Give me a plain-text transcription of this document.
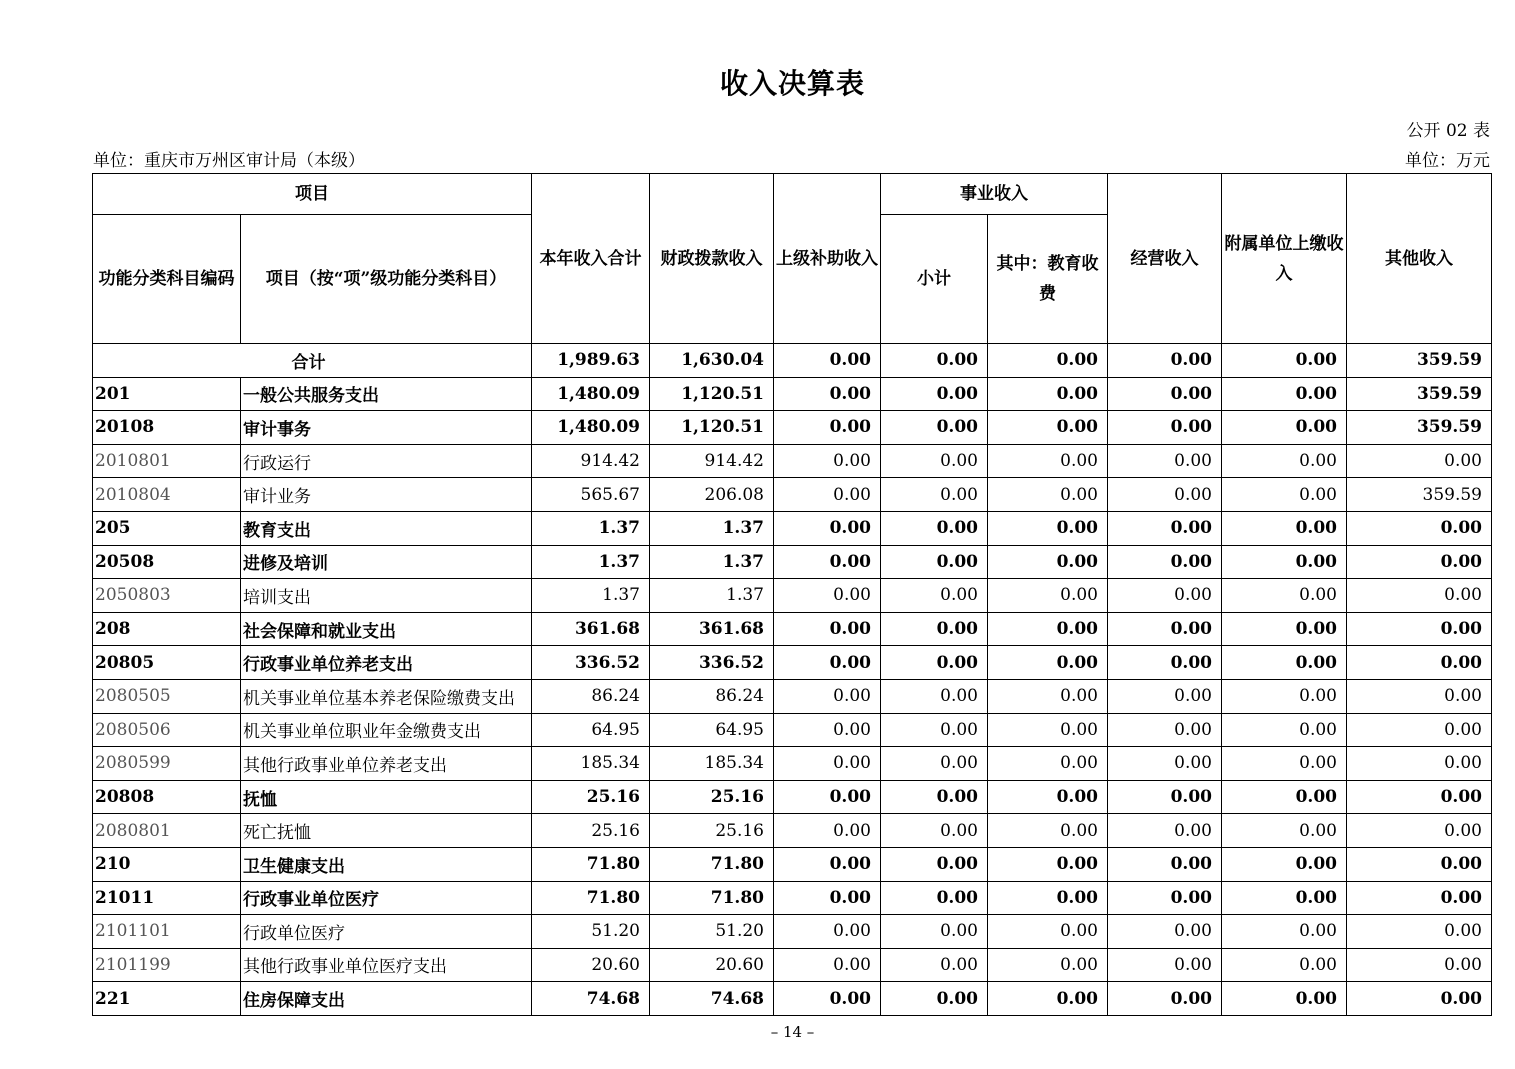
收入决算表
公开 02 表
单位：重庆市万州区审计局（本级）	单位：万元
项目		本年收入合计	财政拨款收入	上级补助收入	事业收入		经营收入	附属单位上缴收入	其他收入
功能分类科目编码	项目（按“项”级功能分类科目）				小计	其中：教育收费			
合计		1,989.63	1,630.04	0.00	0.00	0.00	0.00	0.00	359.59
201	一般公共服务支出	1,480.09	1,120.51	0.00	0.00	0.00	0.00	0.00	359.59
20108	审计事务	1,480.09	1,120.51	0.00	0.00	0.00	0.00	0.00	359.59
2010801	行政运行	914.42	914.42	0.00	0.00	0.00	0.00	0.00	0.00
2010804	审计业务	565.67	206.08	0.00	0.00	0.00	0.00	0.00	359.59
205	教育支出	1.37	1.37	0.00	0.00	0.00	0.00	0.00	0.00
20508	进修及培训	1.37	1.37	0.00	0.00	0.00	0.00	0.00	0.00
2050803	培训支出	1.37	1.37	0.00	0.00	0.00	0.00	0.00	0.00
208	社会保障和就业支出	361.68	361.68	0.00	0.00	0.00	0.00	0.00	0.00
20805	行政事业单位养老支出	336.52	336.52	0.00	0.00	0.00	0.00	0.00	0.00
2080505	机关事业单位基本养老保险缴费支出	86.24	86.24	0.00	0.00	0.00	0.00	0.00	0.00
2080506	机关事业单位职业年金缴费支出	64.95	64.95	0.00	0.00	0.00	0.00	0.00	0.00
2080599	其他行政事业单位养老支出	185.34	185.34	0.00	0.00	0.00	0.00	0.00	0.00
20808	抚恤	25.16	25.16	0.00	0.00	0.00	0.00	0.00	0.00
2080801	死亡抚恤	25.16	25.16	0.00	0.00	0.00	0.00	0.00	0.00
210	卫生健康支出	71.80	71.80	0.00	0.00	0.00	0.00	0.00	0.00
21011	行政事业单位医疗	71.80	71.80	0.00	0.00	0.00	0.00	0.00	0.00
2101101	行政单位医疗	51.20	51.20	0.00	0.00	0.00	0.00	0.00	0.00
2101199	其他行政事业单位医疗支出	20.60	20.60	0.00	0.00	0.00	0.00	0.00	0.00
221	住房保障支出	74.68	74.68	0.00	0.00	0.00	0.00	0.00	0.00
– 14 –
